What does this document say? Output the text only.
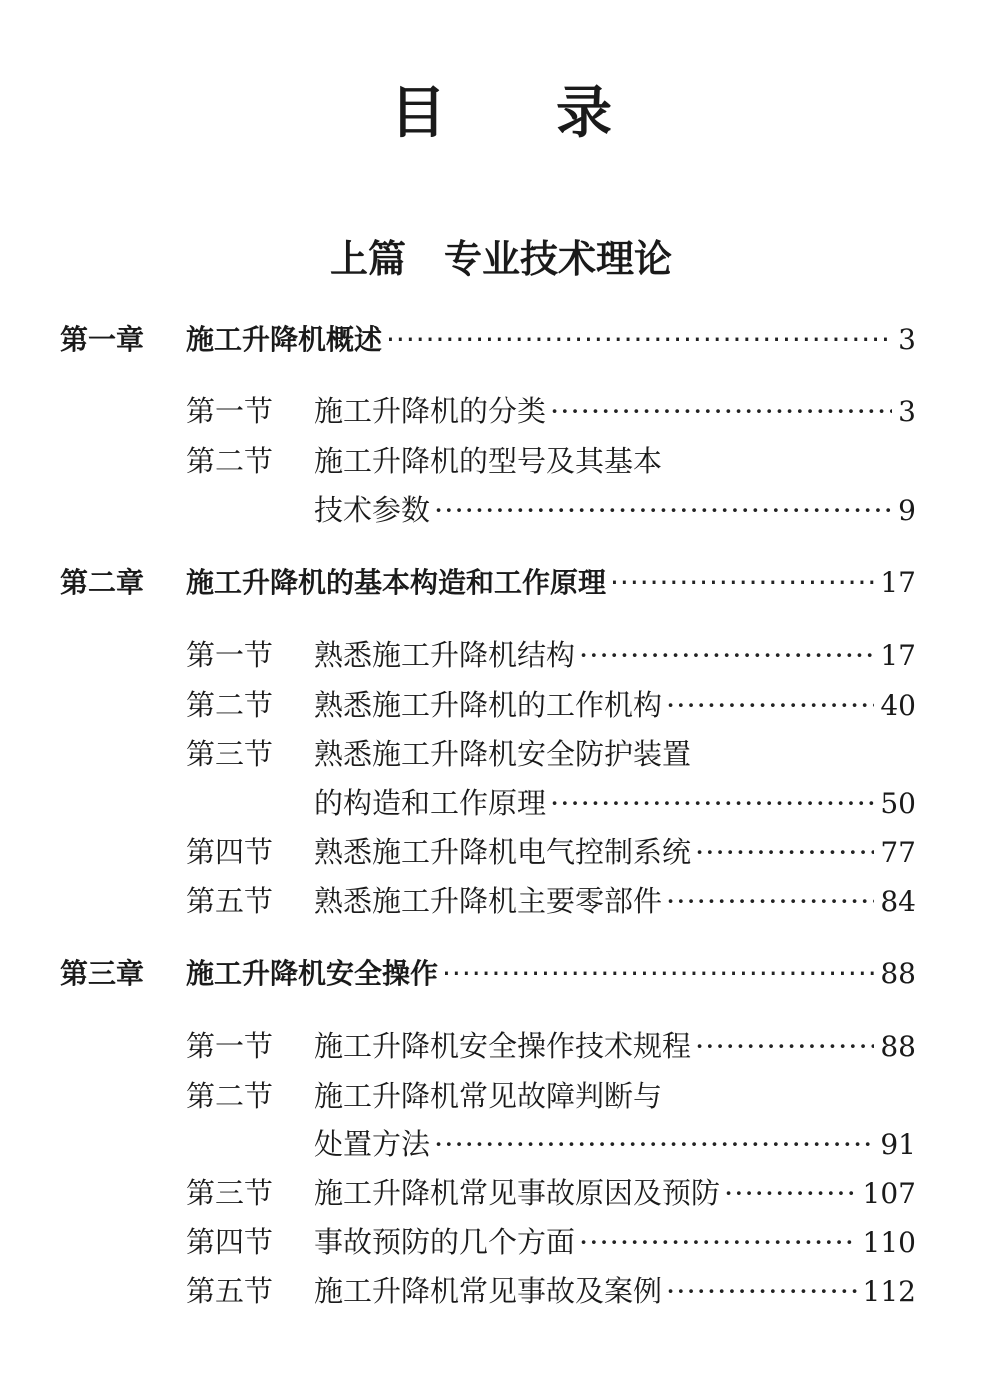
目录
上篇　专业技术理论
第一章	施工升降机概述 ·····	3
第一节	施工升降机的分类 ·····	3
第二节	施工升降机的型号及其基本
技术参数 ·····	9
第二章	施工升降机的基本构造和工作原理 ·····	17
第一节	熟悉施工升降机结构 ·····	17
第二节	熟悉施工升降机的工作机构 ·····	40
第三节	熟悉施工升降机安全防护装置
的构造和工作原理 ·····	50
第四节	熟悉施工升降机电气控制系统 ·····	77
第五节	熟悉施工升降机主要零部件 ·····	84
第三章	施工升降机安全操作 ·····	88
第一节	施工升降机安全操作技术规程 ·····	88
第二节	施工升降机常见故障判断与
处置方法 ·····	91
第三节	施工升降机常见事故原因及预防 ·····	107
第四节	事故预防的几个方面 ·····	110
第五节	施工升降机常见事故及案例 ·····	112
